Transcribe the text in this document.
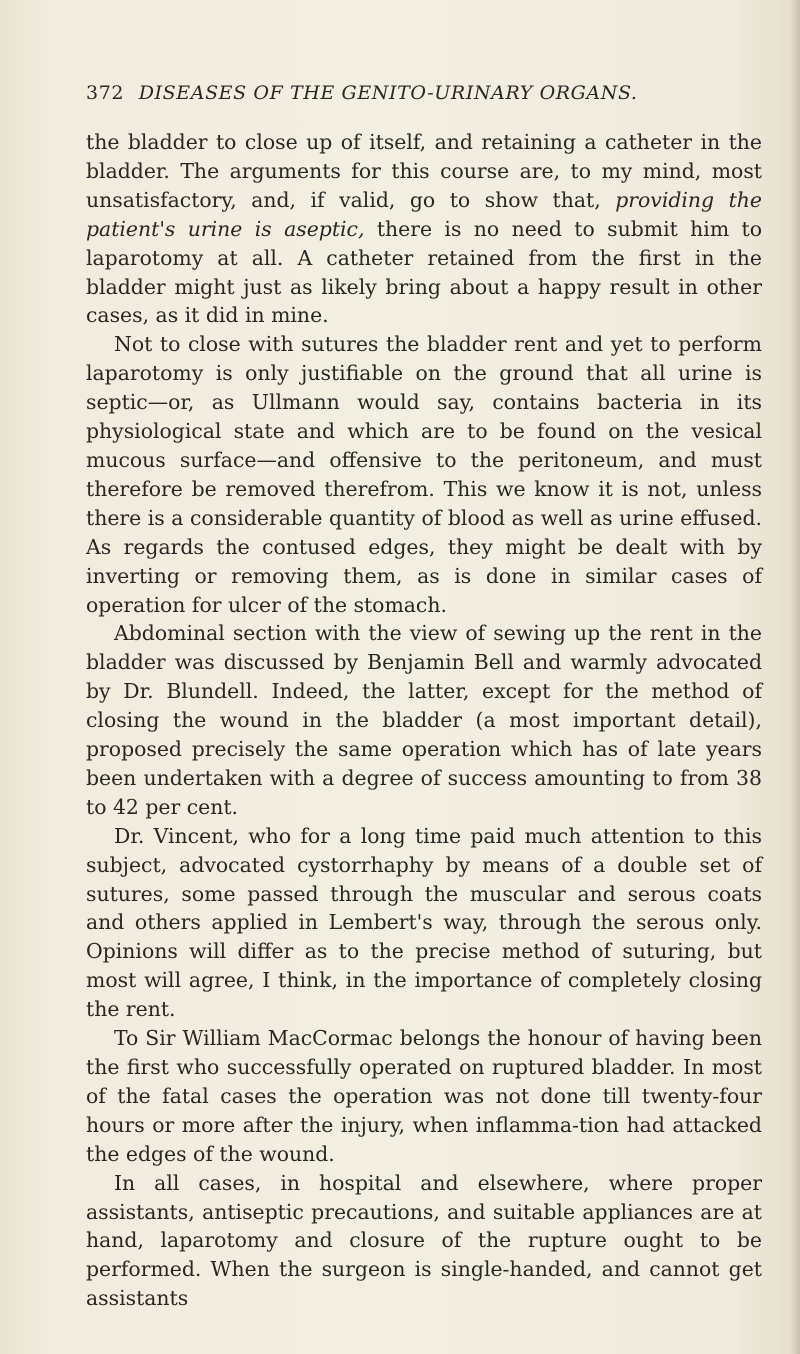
372 DISEASES OF THE GENITO-URINARY ORGANS.

the bladder to close up of itself, and retaining a catheter in the bladder. The arguments for this course are, to my mind, most unsatisfactory, and, if valid, go to show that, providing the patient's urine is aseptic, there is no need to submit him to laparotomy at all. A catheter retained from the first in the bladder might just as likely bring about a happy result in other cases, as it did in mine.

Not to close with sutures the bladder rent and yet to perform laparotomy is only justifiable on the ground that all urine is septic—or, as Ullmann would say, contains bacteria in its physiological state and which are to be found on the vesical mucous surface—and offensive to the peritoneum, and must therefore be removed therefrom. This we know it is not, unless there is a considerable quantity of blood as well as urine effused. As regards the contused edges, they might be dealt with by inverting or removing them, as is done in similar cases of operation for ulcer of the stomach.

Abdominal section with the view of sewing up the rent in the bladder was discussed by Benjamin Bell and warmly advocated by Dr. Blundell. Indeed, the latter, except for the method of closing the wound in the bladder (a most important detail), proposed precisely the same operation which has of late years been undertaken with a degree of success amounting to from 38 to 42 per cent.

Dr. Vincent, who for a long time paid much attention to this subject, advocated cystorrhaphy by means of a double set of sutures, some passed through the muscular and serous coats and others applied in Lembert's way, through the serous only. Opinions will differ as to the precise method of suturing, but most will agree, I think, in the importance of completely closing the rent.

To Sir William MacCormac belongs the honour of having been the first who successfully operated on ruptured bladder. In most of the fatal cases the operation was not done till twenty-four hours or more after the injury, when inflamma-tion had attacked the edges of the wound.

In all cases, in hospital and elsewhere, where proper assistants, antiseptic precautions, and suitable appliances are at hand, laparotomy and closure of the rupture ought to be performed. When the surgeon is single-handed, and cannot get assistants
